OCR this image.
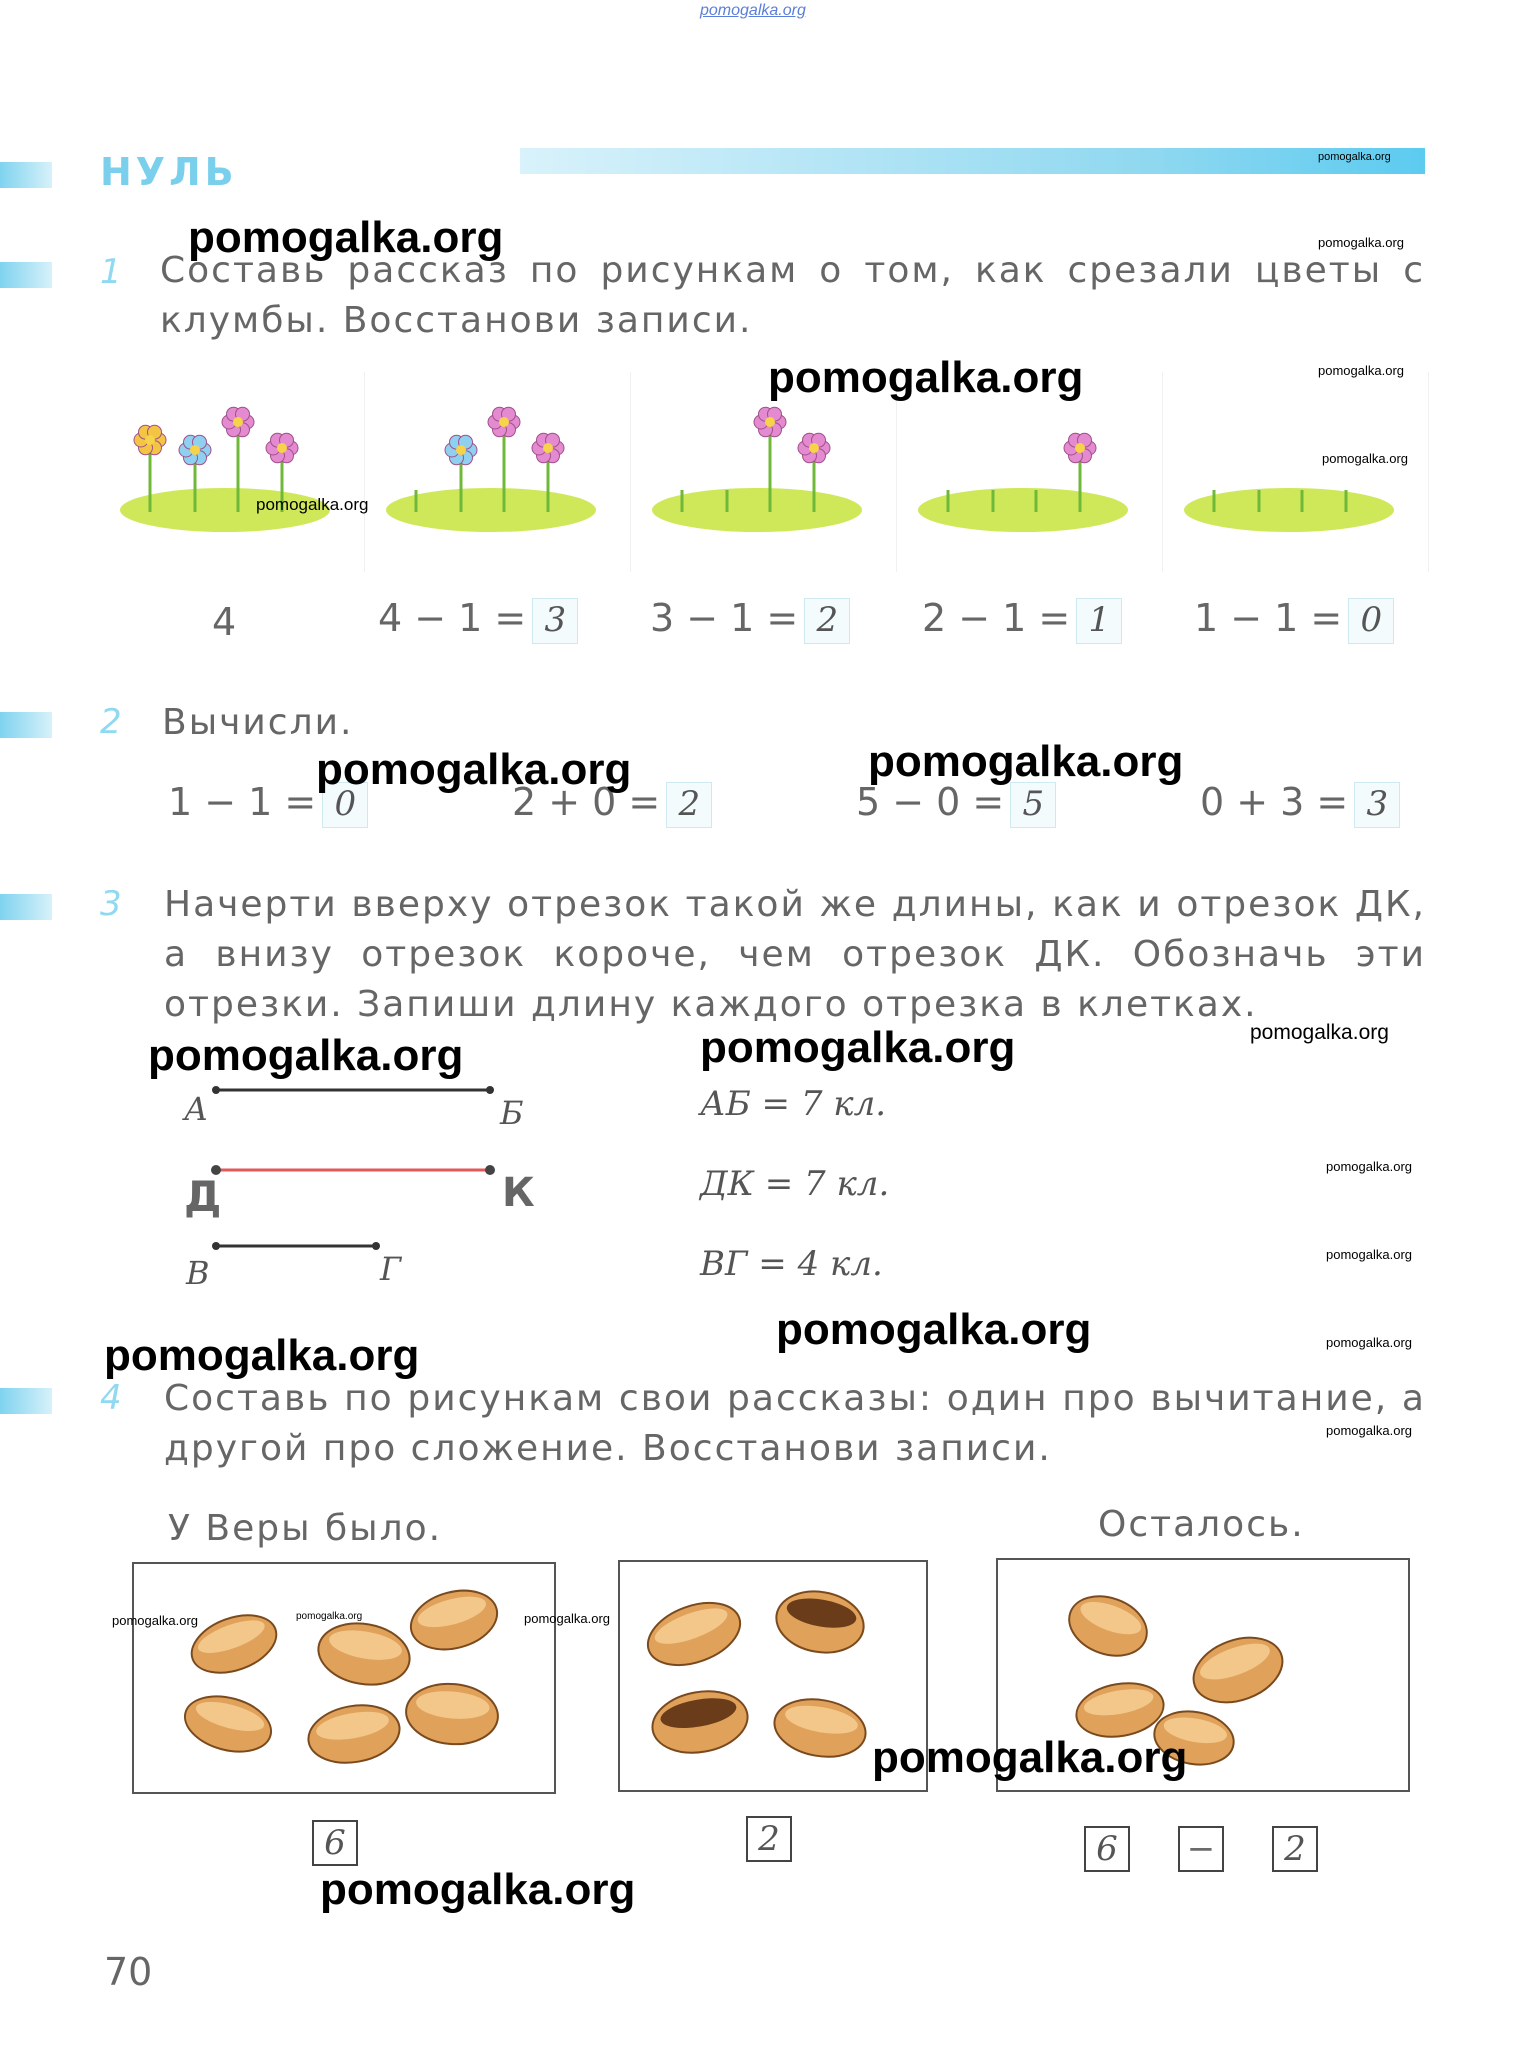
pomogalka.org
НУЛЬ
1 Составь рассказ по рисункам о том, как срезали цветы с клумбы. Восстанови записи.
4	4 − 1 = 3	3 − 1 = 2	2 − 1 = 1	1 − 1 = 0
2 Вычисли.
1 − 1 = 0	2 + 0 = 2	5 − 0 = 5	0 + 3 = 3
3 Начерти вверху отрезок такой же длины, как и отрезок ДК, а внизу отрезок короче, чем отрезок ДК. Обозначь эти отрезки. Запиши длину каждого отрезка в клетках.
А	Б
Д	К
В	Г
АБ = 7 кл.
ДК = 7 кл.
ВГ = 4 кл.
4 Составь по рисункам свои рассказы: один про вычитание, а другой про сложение. Восстанови записи.
У Веры было.	Осталось.
6	2	6	−	2
70
pomogalka.org
pomogalka.org
pomogalka.org	pomogalka.org
pomogalka.org	pomogalka.org
pomogalka.org
pomogalka.org
pomogalka.org
pomogalka.org
pomogalka.org
pomogalka.org
pomogalka.org
pomogalka.org
pomogalka.org
pomogalka.org
pomogalka.org
pomogalka.org
pomogalka.org
pomogalka.org
pomogalka.org	pomogalka.org	pomogalka.org
